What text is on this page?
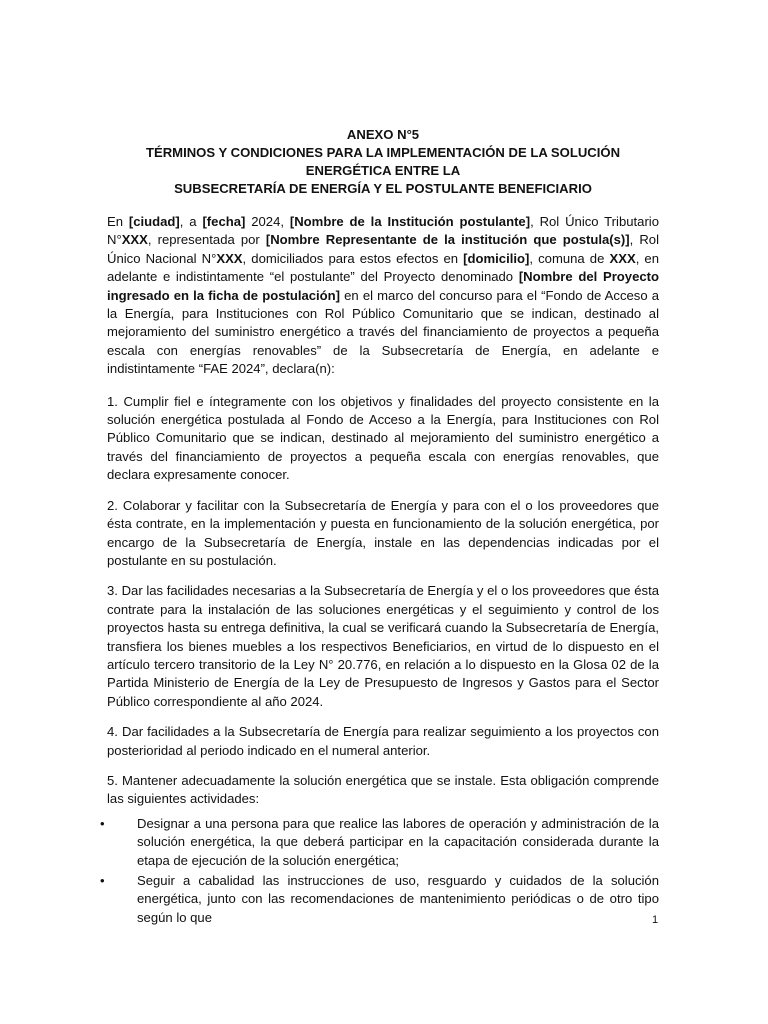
ANEXO N°5

TÉRMINOS Y CONDICIONES PARA LA IMPLEMENTACIÓN DE LA SOLUCIÓN ENERGÉTICA ENTRE LA

SUBSECRETARÍA DE ENERGÍA Y EL POSTULANTE BENEFICIARIO

En [ciudad], a [fecha] 2024, [Nombre de la Institución postulante], Rol Único Tributario N°XXX, representada por [Nombre Representante de la institución que postula(s)], Rol Único Nacional N°XXX, domiciliados para estos efectos en [domicilio], comuna de XXX, en adelante e indistintamente “el postulante” del Proyecto denominado [Nombre del Proyecto ingresado en la ficha de postulación] en el marco del concurso para el “Fondo de Acceso a la Energía, para Instituciones con Rol Público Comunitario que se indican, destinado al mejoramiento del suministro energético a través del financiamiento de proyectos a pequeña escala con energías renovables” de la Subsecretaría de Energía, en adelante e indistintamente “FAE 2024”, declara(n):

1. Cumplir fiel e íntegramente con los objetivos y finalidades del proyecto consistente en la solución energética postulada al Fondo de Acceso a la Energía, para Instituciones con Rol Público Comunitario que se indican, destinado al mejoramiento del suministro energético a través del financiamiento de proyectos a pequeña escala con energías renovables, que declara expresamente conocer.

2. Colaborar y facilitar con la Subsecretaría de Energía y para con el o los proveedores que ésta contrate, en la implementación y puesta en funcionamiento de la solución energética, por encargo de la Subsecretaría de Energía, instale en las dependencias indicadas por el postulante en su postulación.

3. Dar las facilidades necesarias a la Subsecretaría de Energía y el o los proveedores que ésta contrate para la instalación de las soluciones energéticas y el seguimiento y control de los proyectos hasta su entrega definitiva, la cual se verificará cuando la Subsecretaría de Energía, transfiera los bienes muebles a los respectivos Beneficiarios, en virtud de lo dispuesto en el artículo tercero transitorio de la Ley N° 20.776, en relación a lo dispuesto en la Glosa 02 de la Partida Ministerio de Energía de la Ley de Presupuesto de Ingresos y Gastos para el Sector Público correspondiente al año 2024.

4. Dar facilidades a la Subsecretaría de Energía para realizar seguimiento a los proyectos con posterioridad al periodo indicado en el numeral anterior.

5. Mantener adecuadamente la solución energética que se instale. Esta obligación comprende las siguientes actividades:

• Designar a una persona para que realice las labores de operación y administración de la solución energética, la que deberá participar en la capacitación considerada durante la etapa de ejecución de la solución energética;
• Seguir a cabalidad las instrucciones de uso, resguardo y cuidados de la solución energética, junto con las recomendaciones de mantenimiento periódicas o de otro tipo según lo que	1
